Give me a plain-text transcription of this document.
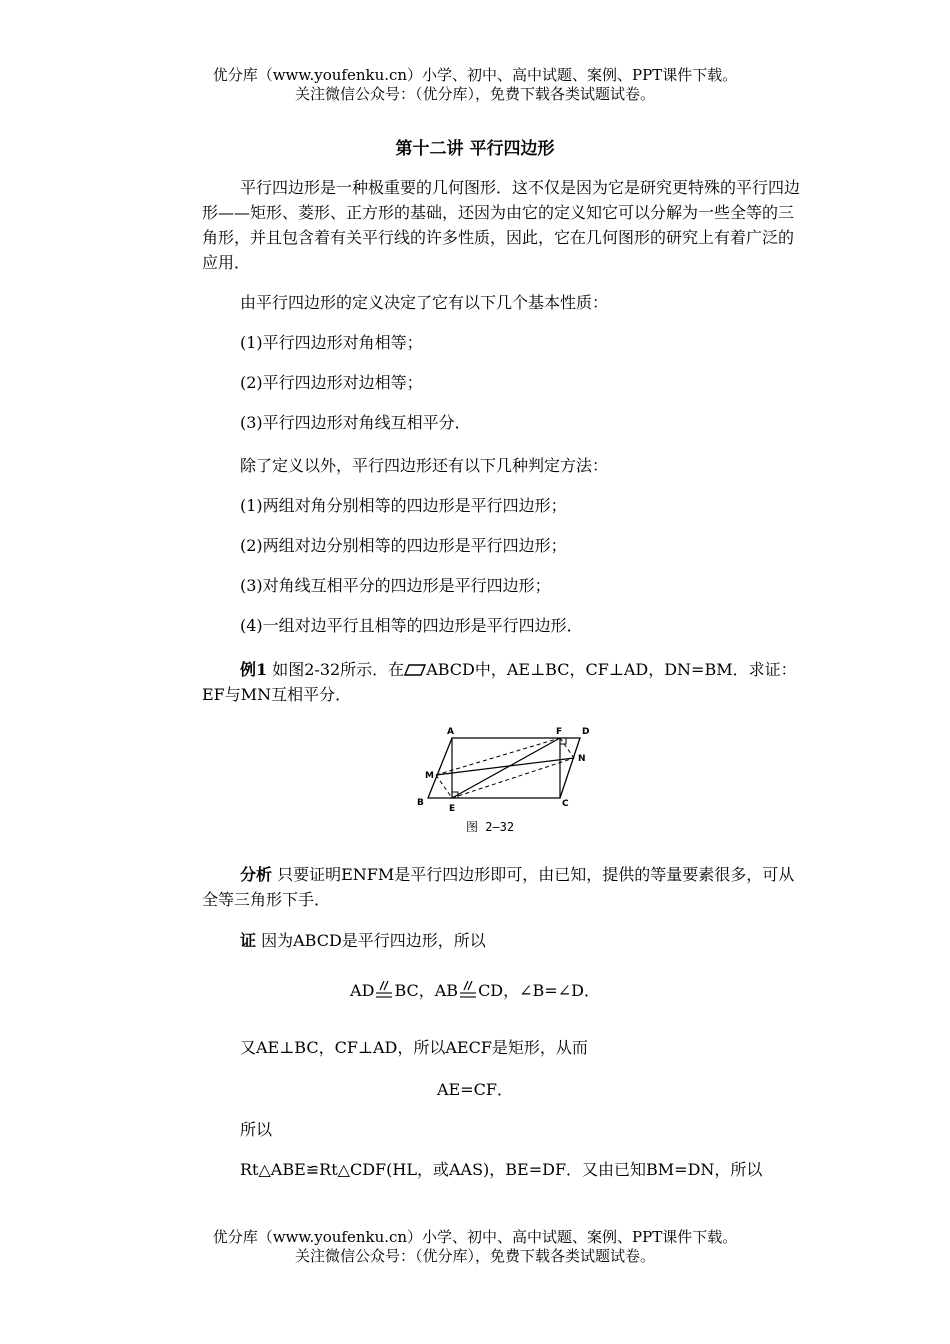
优分库（www.youfenku.cn）小学、初中、高中试题、案例、PPT课件下载。
关注微信公众号：（优分库），免费下载各类试题试卷。
第十二讲 平行四边形
平行四边形是一种极重要的几何图形．这不仅是因为它是研究更特殊的平行四边形——矩形、菱形、正方形的基础，还因为由它的定义知它可以分解为一些全等的三角形，并且包含着有关平行线的许多性质，因此，它在几何图形的研究上有着广泛的应用．
由平行四边形的定义决定了它有以下几个基本性质：
(1)平行四边形对角相等；
(2)平行四边形对边相等；
(3)平行四边形对角线互相平分．
除了定义以外，平行四边形还有以下几种判定方法：
(1)两组对角分别相等的四边形是平行四边形；
(2)两组对边分别相等的四边形是平行四边形；
(3)对角线互相平分的四边形是平行四边形；
(4)一组对边平行且相等的四边形是平行四边形．
例1 如图2-32所示．在 ABCD中，AE⊥BC，CF⊥AD，DN=BM．求证：EF与MN互相平分．
A	F D
M
N
B
E	C
图 2—32
分析 只要证明ENFM是平行四边形即可，由已知，提供的等量要素很多，可从全等三角形下手．
证 因为ABCD是平行四边形，所以
AD BC，AB CD，∠B=∠D．
又AE⊥BC，CF⊥AD，所以AECF是矩形，从而
AE=CF．
所以
Rt△ABE≌Rt△CDF(HL，或AAS)，BE=DF．又由已知BM=DN，所以
优分库（www.youfenku.cn）小学、初中、高中试题、案例、PPT课件下载。
关注微信公众号：（优分库），免费下载各类试题试卷。
